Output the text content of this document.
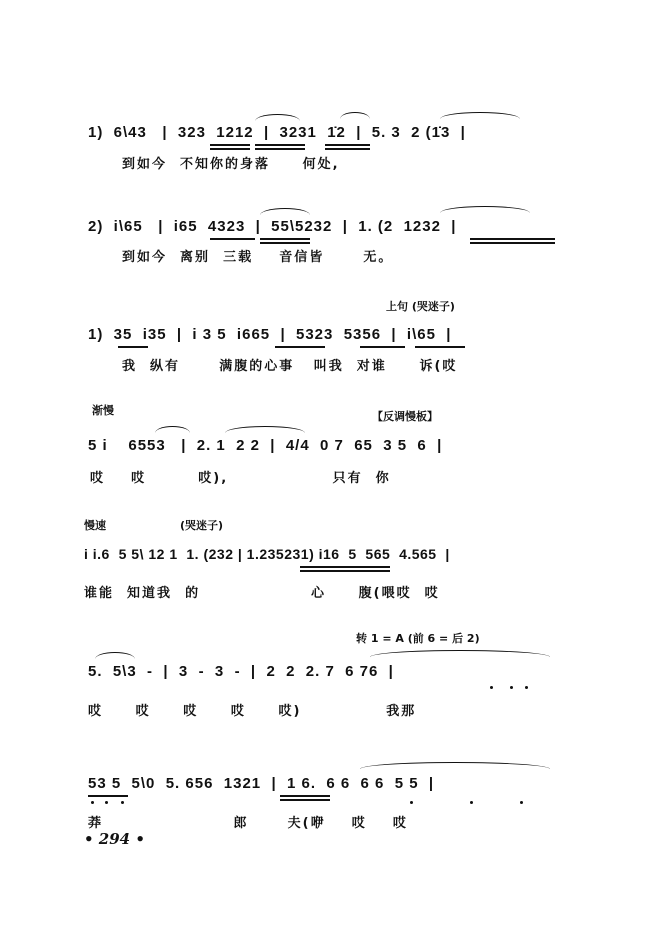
1)  6\43   |  323  1212  |  3231  1̇2  |  5. 3  2 (1̇3  |
到如今  不知你的身落     何处,
2)  i\65   |  i65  4323  |  55\5232  |  1. (2  1232  |
到如今  离别  三载    音信皆      无。
上句 (哭迷子)
1)  35  i35  |  i 3 5  i665  |  5323  5356  |  i\65  |
我  纵有      满腹的心事   叫我  对谁     诉(哎
渐慢	【反调慢板】
5 i    6553   |  2. 1  2 2  |  4/4  0 7  65  3 5  6  |
哎    哎        哎),                只有  你
慢速	(哭迷子)
i i.6  5 5\ 12 1  1. (232 | 1.235231) i16  5  565  4.565  |
谁能  知道我  的                 心     腹(喂哎  哎
转 1 = A (前 6 = 后 2)
5.  5\3  -  |  3  -  3  -  |  2  2  2. 7  6 76  |
哎     哎     哎     哎     哎)             我那
53 5  5\0  5. 656  1321  |  1 6.  6 6  6 6  5 5  |
莽                    郎      夫(咿    哎    哎
• 294 •
